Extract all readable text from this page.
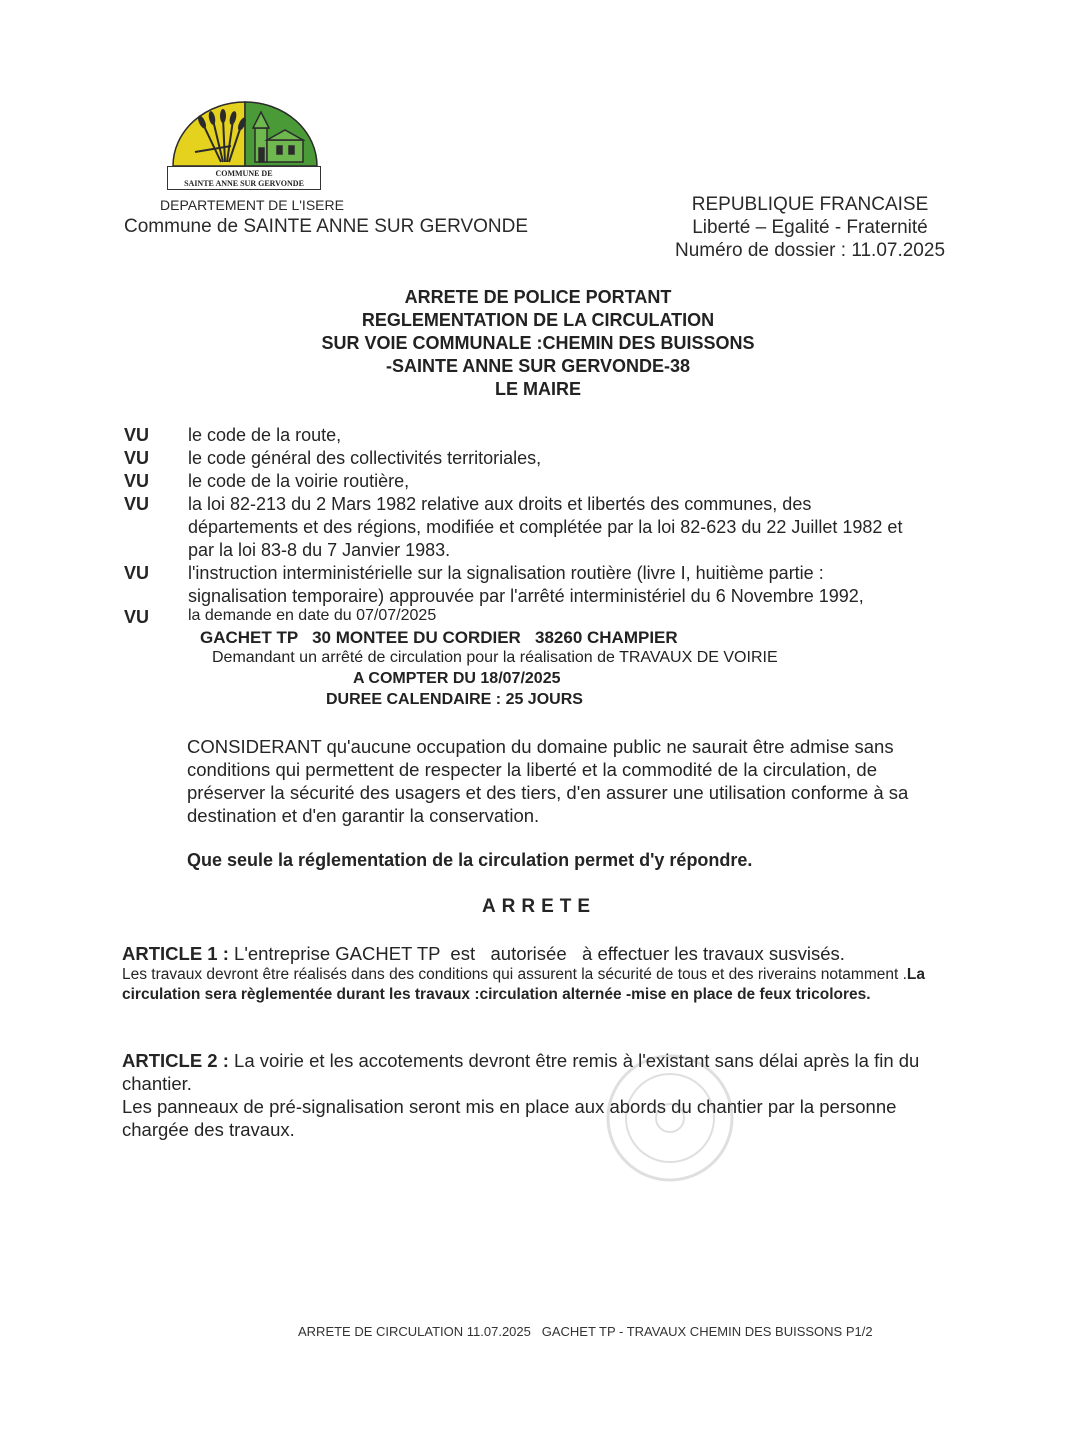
COMMUNE DE
SAINTE ANNE SUR GERVONDE
DEPARTEMENT DE L'ISERE
Commune de SAINTE ANNE SUR GERVONDE
REPUBLIQUE FRANCAISE
Liberté – Egalité - Fraternité
Numéro de dossier : 11.07.2025
ARRETE DE POLICE PORTANT
REGLEMENTATION DE LA CIRCULATION
SUR VOIE COMMUNALE :CHEMIN DES BUISSONS
-SAINTE ANNE SUR GERVONDE-38
LE MAIRE
VU	le code de la route,
VU	le code général des collectivités territoriales,
VU	le code de la voirie routière,
VU	la loi 82-213 du 2 Mars 1982 relative aux droits et libertés des communes, des départements et des régions, modifiée et complétée par la loi 82-623 du 22 Juillet 1982 et par la loi 83-8 du 7 Janvier 1983.
VU	l'instruction interministérielle sur la signalisation routière (livre I, huitième partie : signalisation temporaire) approuvée par l'arrêté interministériel du 6 Novembre 1992,
VU	la demande en date du 07/07/2025
GACHET TP   30 MONTEE DU CORDIER   38260 CHAMPIER
Demandant un arrêté de circulation pour la réalisation de TRAVAUX DE VOIRIE
A COMPTER DU 18/07/2025
DUREE CALENDAIRE : 25 JOURS
CONSIDERANT qu'aucune occupation du domaine public ne saurait être admise sans conditions qui permettent de respecter la liberté et la commodité de la circulation, de préserver la sécurité des usagers et des tiers, d'en assurer une utilisation conforme à sa destination et d'en garantir la conservation.
Que seule la réglementation de la circulation permet d'y répondre.
ARRETE
ARTICLE 1 : L'entreprise GACHET TP  est   autorisée   à effectuer les travaux susvisés.
Les travaux devront être réalisés dans des conditions qui assurent la sécurité de tous et des riverains notamment .La circulation sera règlementée durant les travaux :circulation alternée -mise en place de feux tricolores.
ARTICLE 2 : La voirie et les accotements devront être remis à l'existant sans délai après la fin du chantier.
Les panneaux de pré-signalisation seront mis en place aux abords du chantier par la personne chargée des travaux.
ARRETE DE CIRCULATION 11.07.2025   GACHET TP - TRAVAUX CHEMIN DES BUISSONS P1/2
